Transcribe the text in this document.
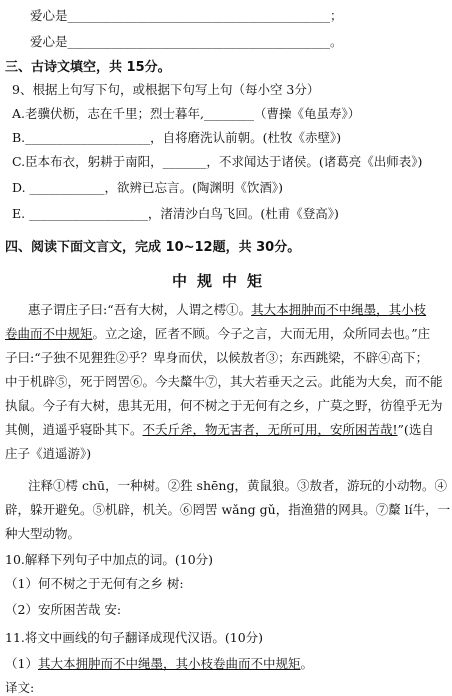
爱心是__________________________________________；
爱心是__________________________________________。
三、古诗文填空，共 15分。
9、根据上句写下句，或根据下句写上句（每小空 3分）
A.老骥伏枥，志在千里；烈士暮年,________（曹操《龟虽寿》）
B.____________________，自将磨洗认前朝。(杜牧《赤壁》)
C.臣本布衣，躬耕于南阳，_______，不求闻达于诸侯。(诸葛亮《出师表》)
D. ____________，欲辨已忘言。(陶渊明《饮酒》)
E. ___________________，渚清沙白鸟飞回。(杜甫《登高》)
四、阅读下面文言文，完成 10~12题，共 30分。
中规中矩
惠子谓庄子曰:“吾有大树，人谓之樗①。其大本拥肿而不中绳墨，其小枝
卷曲而不中规矩。立之途，匠者不顾。今子之言，大而无用，众所同去也。”庄
子曰:“子独不见狸狌②乎？卑身而伏，以候敖者③；东西跳梁，不辟④高下；
中于机辟⑤，死于罔罟⑥。今夫斄牛⑦，其大若垂天之云。此能为大矣，而不能
执鼠。今子有大树，患其无用，何不树之于无何有之乡，广莫之野，彷徨乎无为
其侧，逍遥乎寝卧其下。不夭斤斧，物无害者，无所可用，安所困苦哉!”(选自
庄子《逍遥游》)
注释①樗 chū，一种树。②狌 shēng，黄鼠狼。③敖者，游玩的小动物。④
辟，躲开避免。⑤机辟，机关。⑥罔罟 wǎng gǔ，指渔猎的网具。⑦斄 lí牛，一
种大型动物。
10.解释下列句子中加点的词。(10分)
（1）何不树之于无何有之乡 树:
（2）安所困苦哉 安:
11.将文中画线的句子翻译成现代汉语。(10分)
（1）其大本拥肿而不中绳墨，其小枝卷曲而不中规矩。
译文:
